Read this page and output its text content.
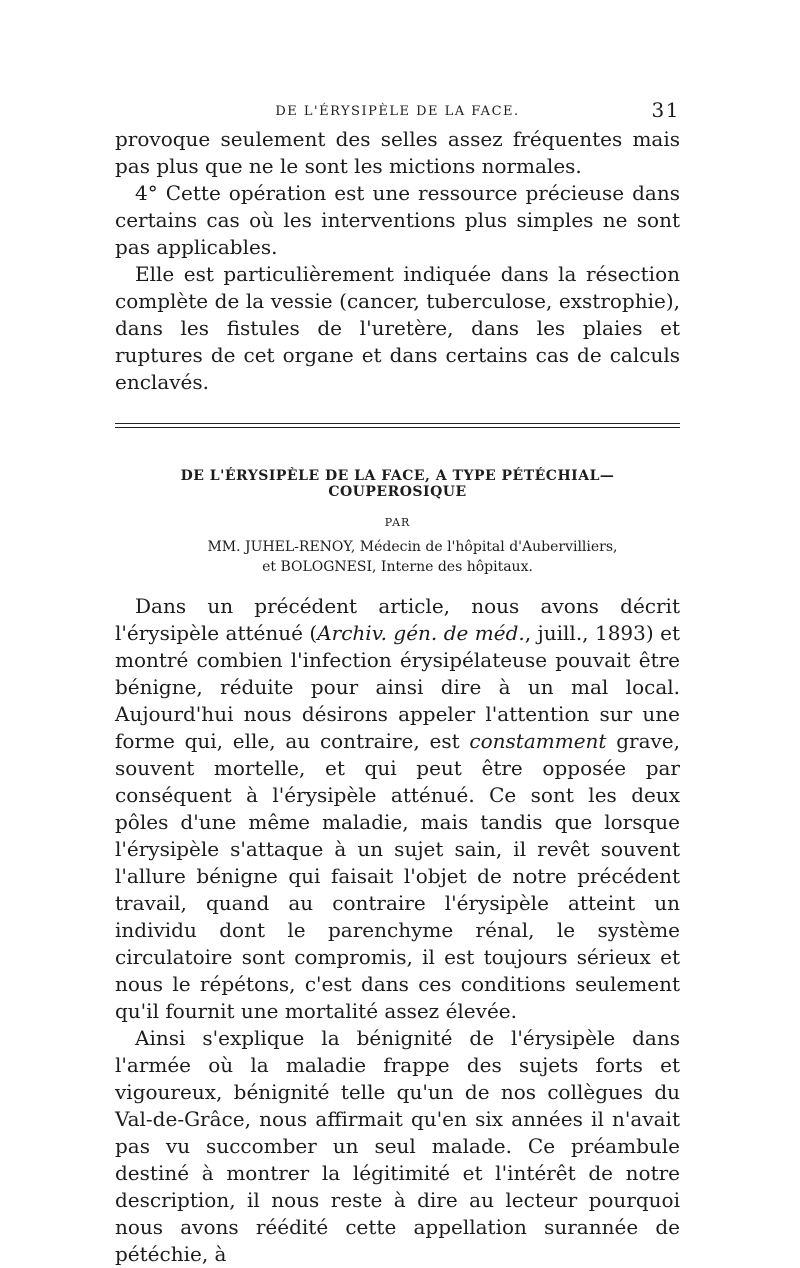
DE L'ÉRYSIPÈLE DE LA FACE.	31

provoque seulement des selles assez fréquentes mais pas plus que ne le sont les mictions normales.

4° Cette opération est une ressource précieuse dans certains cas où les interventions plus simples ne sont pas applicables.

Elle est particulièrement indiquée dans la résection complète de la vessie (cancer, tuberculose, exstrophie), dans les fistules de l'uretère, dans les plaies et ruptures de cet organe et dans certains cas de calculs enclavés.

DE L'ÉRYSIPÈLE DE LA FACE, A TYPE PÉTÉCHIAL—COUPEROSIQUE
PAR
MM. JUHEL-RENOY, Médecin de l'hôpital d'Aubervilliers,
et BOLOGNESI, Interne des hôpitaux.

Dans un précédent article, nous avons décrit l'érysipèle atténué (Archiv. gén. de méd., juill., 1893) et montré combien l'infection érysipélateuse pouvait être bénigne, réduite pour ainsi dire à un mal local. Aujourd'hui nous désirons appeler l'attention sur une forme qui, elle, au contraire, est constamment grave, souvent mortelle, et qui peut être opposée par conséquent à l'érysipèle atténué. Ce sont les deux pôles d'une même maladie, mais tandis que lorsque l'érysipèle s'attaque à un sujet sain, il revêt souvent l'allure bénigne qui faisait l'objet de notre précédent travail, quand au contraire l'érysipèle atteint un individu dont le parenchyme rénal, le système circulatoire sont compromis, il est toujours sérieux et nous le répétons, c'est dans ces conditions seulement qu'il fournit une mortalité assez élevée.

Ainsi s'explique la bénignité de l'érysipèle dans l'armée où la maladie frappe des sujets forts et vigoureux, bénignité telle qu'un de nos collègues du Val-de-Grâce, nous affirmait qu'en six années il n'avait pas vu succomber un seul malade. Ce préambule destiné à montrer la légitimité et l'intérêt de notre description, il nous reste à dire au lecteur pourquoi nous avons réédité cette appellation surannée de pétéchie, à
